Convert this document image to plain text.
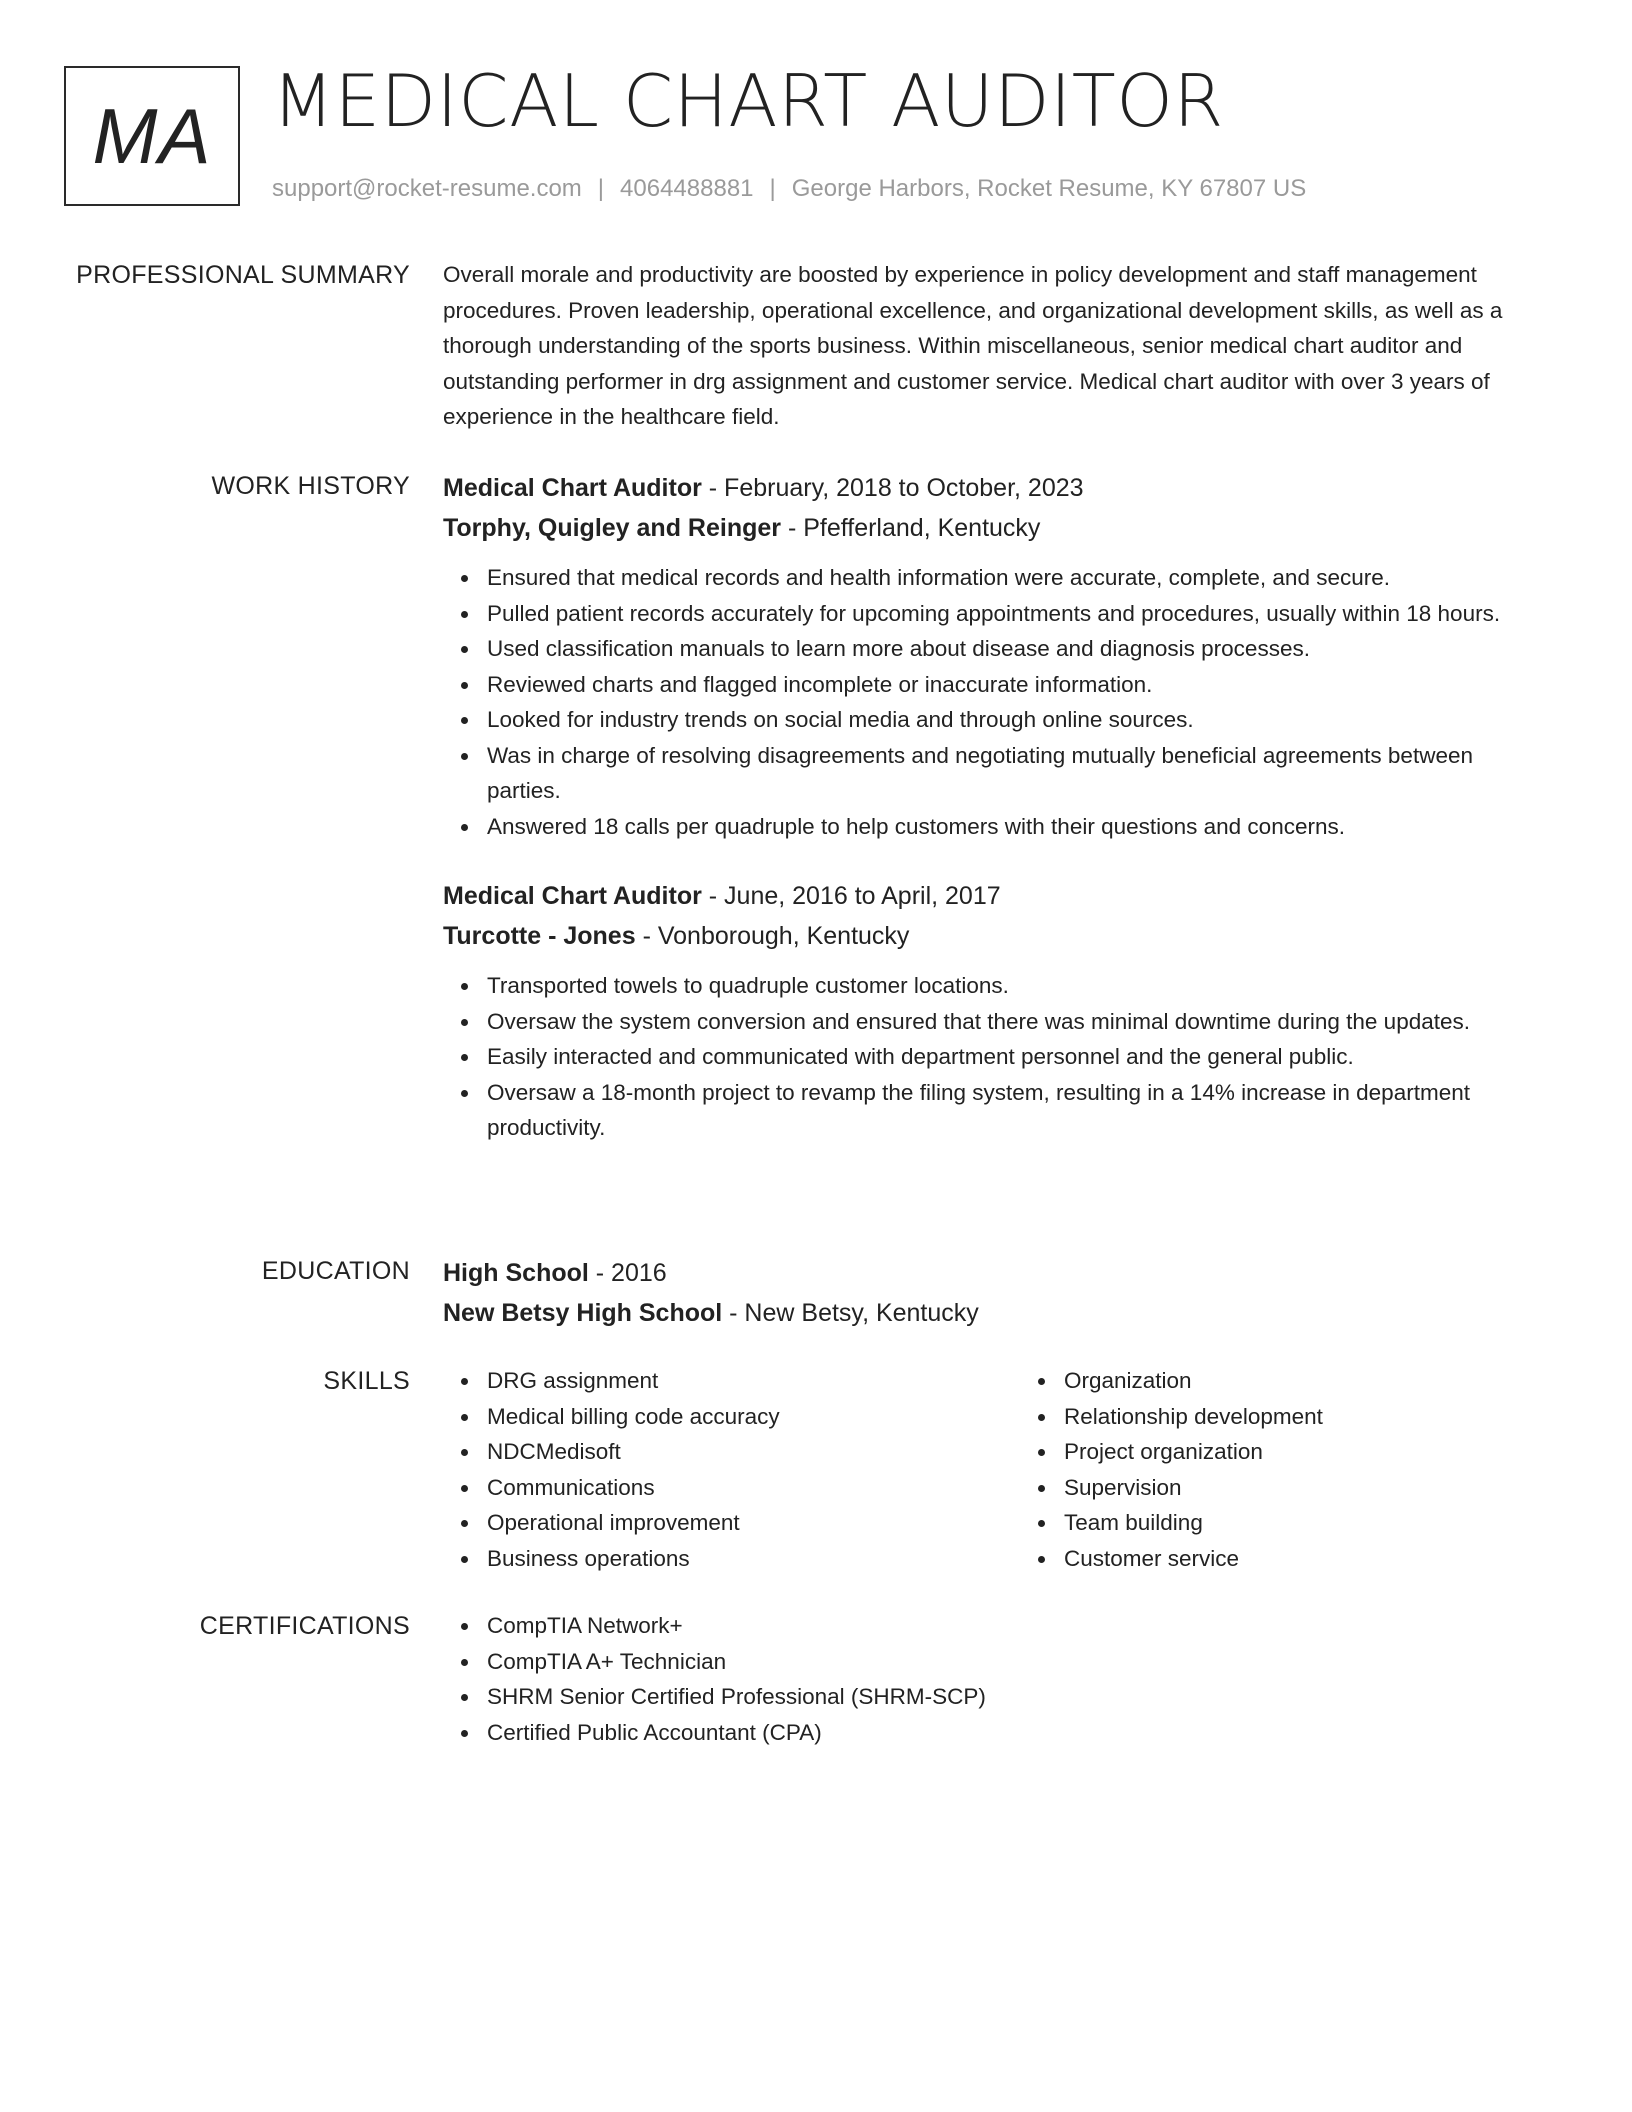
MA MEDICAL CHART AUDITOR
support@rocket-resume.com | 4064488881 | George Harbors, Rocket Resume, KY 67807 US
PROFESSIONAL SUMMARY Overall morale and productivity are boosted by experience in policy development and staff management procedures. Proven leadership, operational excellence, and organizational development skills, as well as a thorough understanding of the sports business. Within miscellaneous, senior medical chart auditor and outstanding performer in drg assignment and customer service. Medical chart auditor with over 3 years of experience in the healthcare field.

WORK HISTORY Medical Chart Auditor - February, 2018 to October, 2023
Torphy, Quigley and Reinger - Pfefferland, Kentucky
Ensured that medical records and health information were accurate, complete, and secure.
Pulled patient records accurately for upcoming appointments and procedures, usually within 18 hours.
Used classification manuals to learn more about disease and diagnosis processes.
Reviewed charts and flagged incomplete or inaccurate information.
Looked for industry trends on social media and through online sources.
Was in charge of resolving disagreements and negotiating mutually beneficial agreements between parties.
Answered 18 calls per quadruple to help customers with their questions and concerns.
Medical Chart Auditor - June, 2016 to April, 2017
Turcotte - Jones - Vonborough, Kentucky
Transported towels to quadruple customer locations.
Oversaw the system conversion and ensured that there was minimal downtime during the updates.
Easily interacted and communicated with department personnel and the general public.
Oversaw a 18-month project to revamp the filing system, resulting in a 14% increase in department productivity.
EDUCATION High School - 2016
New Betsy High School - New Betsy, Kentucky
SKILLS	DRG assignment
Medical billing code accuracy
NDCMedisoft
Communications
Operational improvement
Business operations
Organization
Relationship development
Project organization
Supervision
Team building
Customer service
CERTIFICATIONS	CompTIA Network+
CompTIA A+ Technician
SHRM Senior Certified Professional (SHRM-SCP)
Certified Public Accountant (CPA)
